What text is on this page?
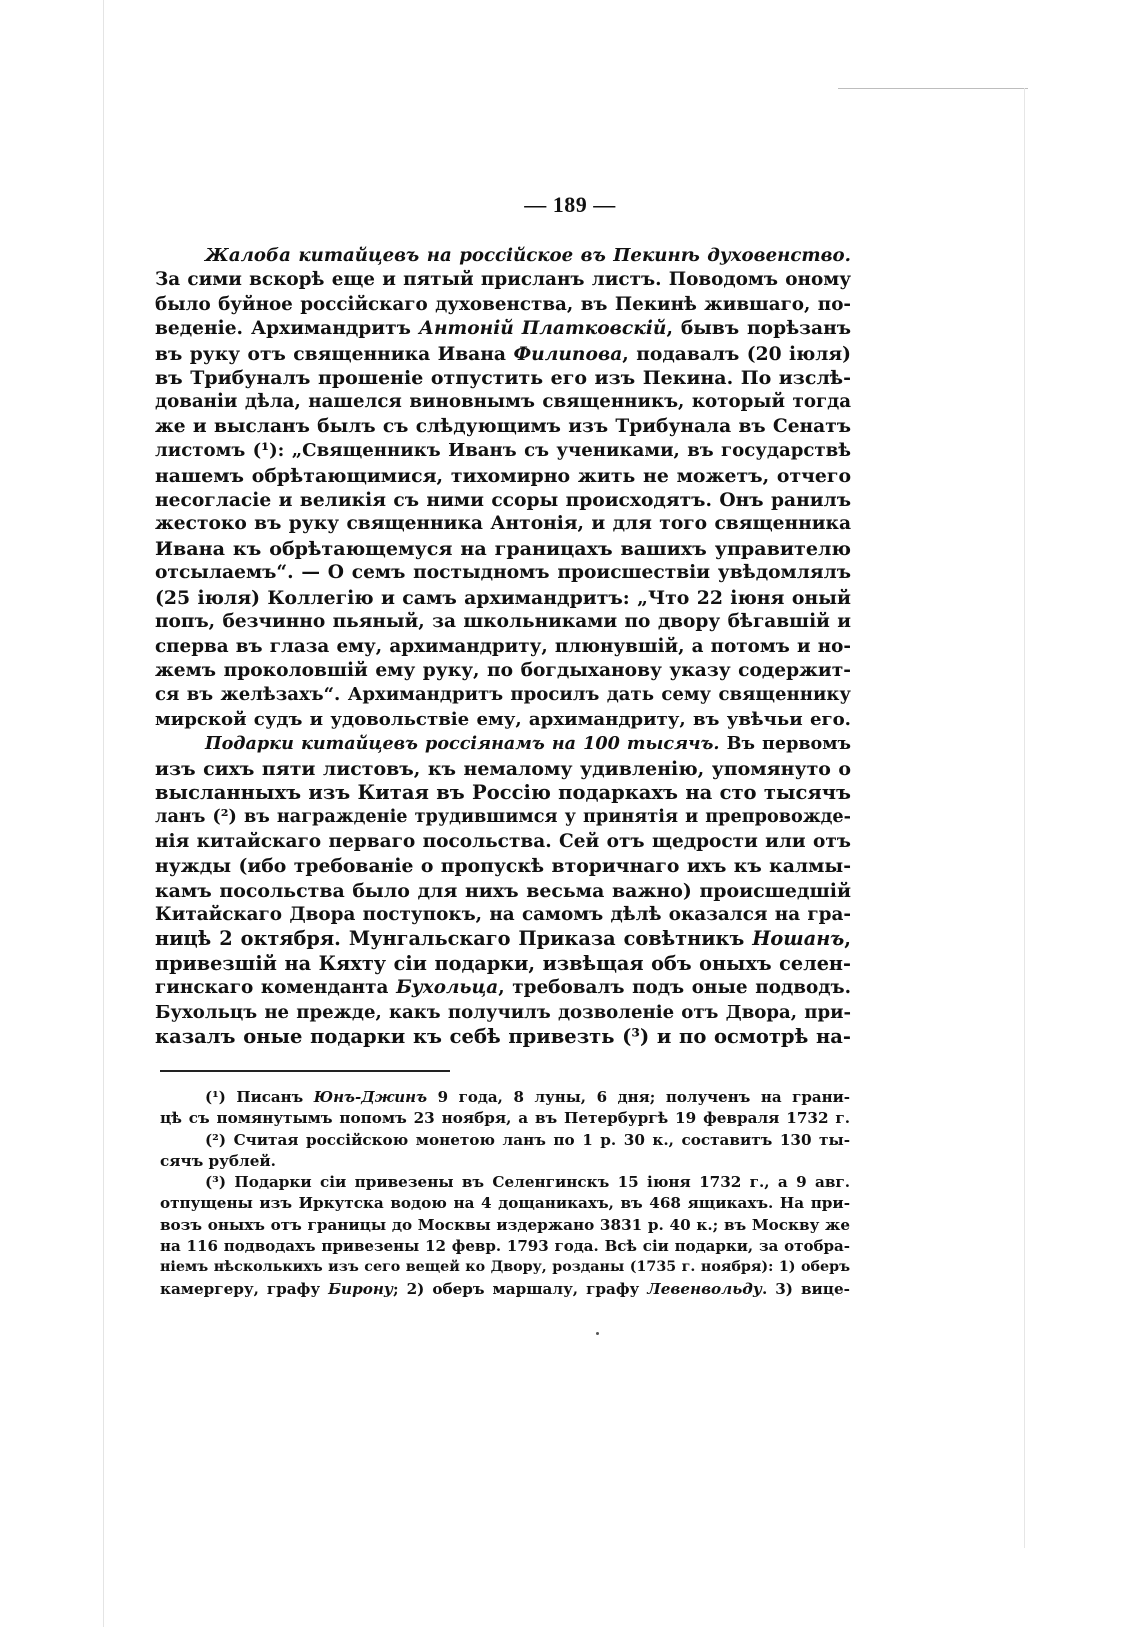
— 189 —
Жалоба китайцевъ на россійское въ Пекинѣ духовенство.
За сими вскорѣ еще и пятый присланъ листъ. Поводомъ оному
было буйное россійскаго духовенства, въ Пекинѣ жившаго, по-
веденіе. Архимандритъ Антоній Платковскій, бывъ порѣзанъ
въ руку отъ священника Ивана Филипова, подавалъ (20 іюля)
въ Трибуналъ прошеніе отпустить его изъ Пекина. По изслѣ-
дованіи дѣла, нашелся виновнымъ священникъ, который тогда
же и высланъ былъ съ слѣдующимъ изъ Трибунала въ Сенатъ
листомъ (¹): „Священникъ Иванъ съ учениками, въ государствѣ
нашемъ обрѣтающимися, тихомирно жить не можетъ, отчего
несогласіе и великія съ ними ссоры происходятъ. Онъ ранилъ
жестоко въ руку священника Антонія, и для того священника
Ивана къ обрѣтающемуся на границахъ вашихъ управителю
отсылаемъ“. — О семъ постыдномъ происшествіи увѣдомлялъ
(25 іюля) Коллегію и самъ архимандритъ: „Что 22 іюня оный
попъ, безчинно пьяный, за школьниками по двору бѣгавшій и
сперва въ глаза ему, архимандриту, плюнувшій, а потомъ и но-
жемъ проколовшій ему руку, по богдыханову указу содержит-
ся въ желѣзахъ“. Архимандритъ просилъ дать сему священнику
мирской судъ и удовольствіе ему, архимандриту, въ увѣчьи его.
Подарки китайцевъ россіянамъ на 100 тысячъ. Въ первомъ
изъ сихъ пяти листовъ, къ немалому удивленію, упомянуто о
высланныхъ изъ Китая въ Россію подаркахъ на сто тысячъ
ланъ (²) въ награжденіе трудившимся у принятія и препровожде-
нія китайскаго перваго посольства. Сей отъ щедрости или отъ
нужды (ибо требованіе о пропускѣ вторичнаго ихъ къ калмы-
камъ посольства было для нихъ весьма важно) происшедшій
Китайскаго Двора поступокъ, на самомъ дѣлѣ оказался на гра-
ницѣ 2 октября. Мунгальскаго Приказа совѣтникъ Ношанъ,
привезшій на Кяхту сіи подарки, извѣщая объ оныхъ селен-
гинскаго коменданта Бухольца, требовалъ подъ оные подводъ.
Бухольцъ не прежде, какъ получилъ дозволеніе отъ Двора, при-
казалъ оные подарки къ себѣ привезть (³) и по осмотрѣ на-
(¹) Писанъ Юнъ-Джинъ 9 года, 8 луны, 6 дня; полученъ на грани-
цѣ съ помянутымъ попомъ 23 ноября, а въ Петербургѣ 19 февраля 1732 г.
(²) Считая россійскою монетою ланъ по 1 р. 30 к., составитъ 130 ты-
сячъ рублей.
(³) Подарки сіи привезены въ Селенгинскъ 15 іюня 1732 г., а 9 авг.
отпущены изъ Иркутска водою на 4 дощаникахъ, въ 468 ящикахъ. На при-
возъ оныхъ отъ границы до Москвы издержано 3831 р. 40 к.; въ Москву же
на 116 подводахъ привезены 12 февр. 1793 года. Всѣ сіи подарки, за отобра-
ніемъ нѣсколькихъ изъ сего вещей ко Двору, розданы (1735 г. ноября): 1) оберъ
камергеру, графу Бирону; 2) оберъ маршалу, графу Левенвольду. 3) вице-
